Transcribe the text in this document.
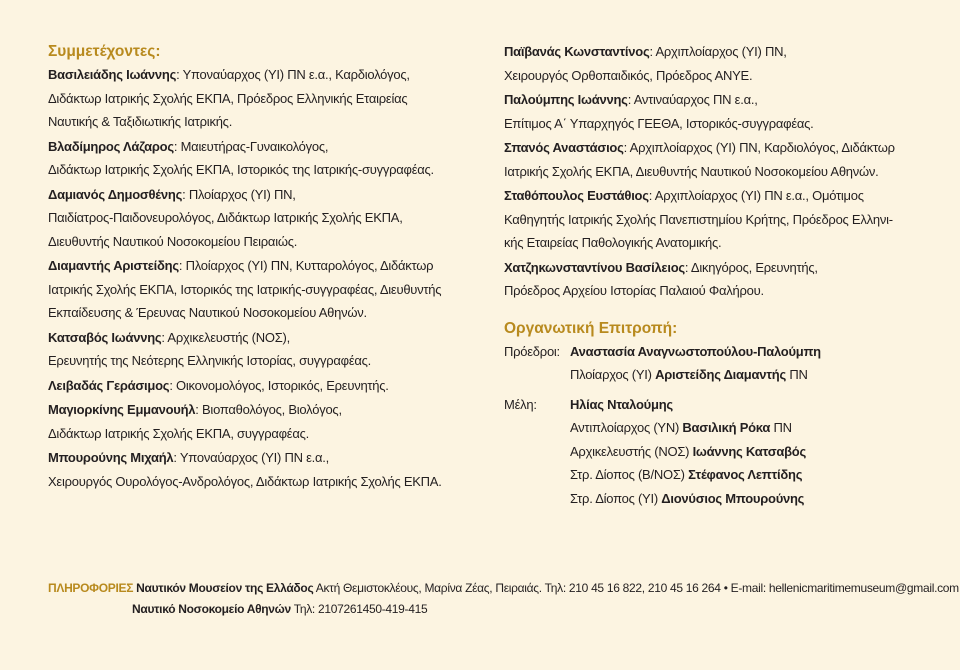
Συμμετέχοντες:

Βασιλειάδης Ιωάννης: Υποναύαρχος (ΥΙ) ΠΝ ε.α., Καρδιολόγος,
Διδάκτωρ Ιατρικής Σχολής ΕΚΠΑ, Πρόεδρος Ελληνικής Εταιρείας
Ναυτικής & Ταξιδιωτικής Ιατρικής.
Βλαδίμηρος Λάζαρος: Μαιευτήρας-Γυναικολόγος,
Διδάκτωρ Ιατρικής Σχολής ΕΚΠΑ, Ιστορικός της Ιατρικής-συγγραφέας.
Δαμιανός Δημοσθένης: Πλοίαρχος (ΥΙ) ΠΝ,
Παιδίατρος-Παιδονευρολόγος, Διδάκτωρ Ιατρικής Σχολής ΕΚΠΑ,
Διευθυντής Ναυτικού Νοσοκομείου Πειραιώς.
Διαμαντής Αριστείδης: Πλοίαρχος (ΥΙ) ΠΝ, Κυτταρολόγος, Διδάκτωρ
Ιατρικής Σχολής ΕΚΠΑ, Ιστορικός της Ιατρικής-συγγραφέας, Διευθυντής
Εκπαίδευσης & Έρευνας Ναυτικού Νοσοκομείου Αθηνών.
Κατσαβός Ιωάννης: Αρχικελευστής (ΝΟΣ),
Ερευνητής της Νεότερης Ελληνικής Ιστορίας, συγγραφέας.
Λειβαδάς Γεράσιμος: Οικονομολόγος, Ιστορικός, Ερευνητής.
Μαγιορκίνης Εμμανουήλ: Βιοπαθολόγος, Βιολόγος,
Διδάκτωρ Ιατρικής Σχολής ΕΚΠΑ, συγγραφέας.
Μπουρούνης Μιχαήλ: Υποναύαρχος (ΥΙ) ΠΝ ε.α.,
Χειρουργός Ουρολόγος-Ανδρολόγος, Διδάκτωρ Ιατρικής Σχολής ΕΚΠΑ.
Παϊβανάς Κωνσταντίνος: Αρχιπλοίαρχος (ΥΙ) ΠΝ,
Χειρουργός Ορθοπαιδικός, Πρόεδρος ΑΝΥΕ.
Παλούμπης Ιωάννης: Αντιναύαρχος ΠΝ ε.α.,
Επίτιμος Α΄ Υπαρχηγός ΓΕΕΘΑ, Ιστορικός-συγγραφέας.
Σπανός Αναστάσιος: Αρχιπλοίαρχος (ΥΙ) ΠΝ, Καρδιολόγος, Διδάκτωρ
Ιατρικής Σχολής ΕΚΠΑ, Διευθυντής Ναυτικού Νοσοκομείου Αθηνών.
Σταθόπουλος Ευστάθιος: Αρχιπλοίαρχος (ΥΙ) ΠΝ ε.α., Ομότιμος
Καθηγητής Ιατρικής Σχολής Πανεπιστημίου Κρήτης, Πρόεδρος Ελληνι-
κής Εταιρείας Παθολογικής Ανατομικής.
Χατζηκωνσταντίνου Βασίλειος: Δικηγόρος, Ερευνητής,
Πρόεδρος Αρχείου Ιστορίας Παλαιού Φαλήρου.

Οργανωτική Επιτροπή:

Πρόεδροι: Αναστασία Αναγνωστοπούλου-Παλούμπη
Πλοίαρχος (ΥΙ) Αριστείδης Διαμαντής ΠΝ
Μέλη:	Ηλίας Νταλούμης
Αντιπλοίαρχος (ΥΝ) Βασιλική Ρόκα ΠΝ
Αρχικελευστής (ΝΟΣ) Ιωάννης Κατσαβός
Στρ. Δίοπος (Β/ΝΟΣ) Στέφανος Λεπτίδης
Στρ. Δίοπος (ΥΙ) Διονύσιος Μπουρούνης
ΠΛΗΡΟΦΟΡΙΕΣ Ναυτικόν Μουσείον της Ελλάδος Ακτή Θεμιστοκλέους, Μαρίνα Ζέας, Πειραιάς. Τηλ: 210 45 16 822, 210 45 16 264 • E-mail: hellenicmaritimemuseum@gmail.com
Ναυτικό Νοσοκομείο Αθηνών Τηλ: 2107261450-419-415
